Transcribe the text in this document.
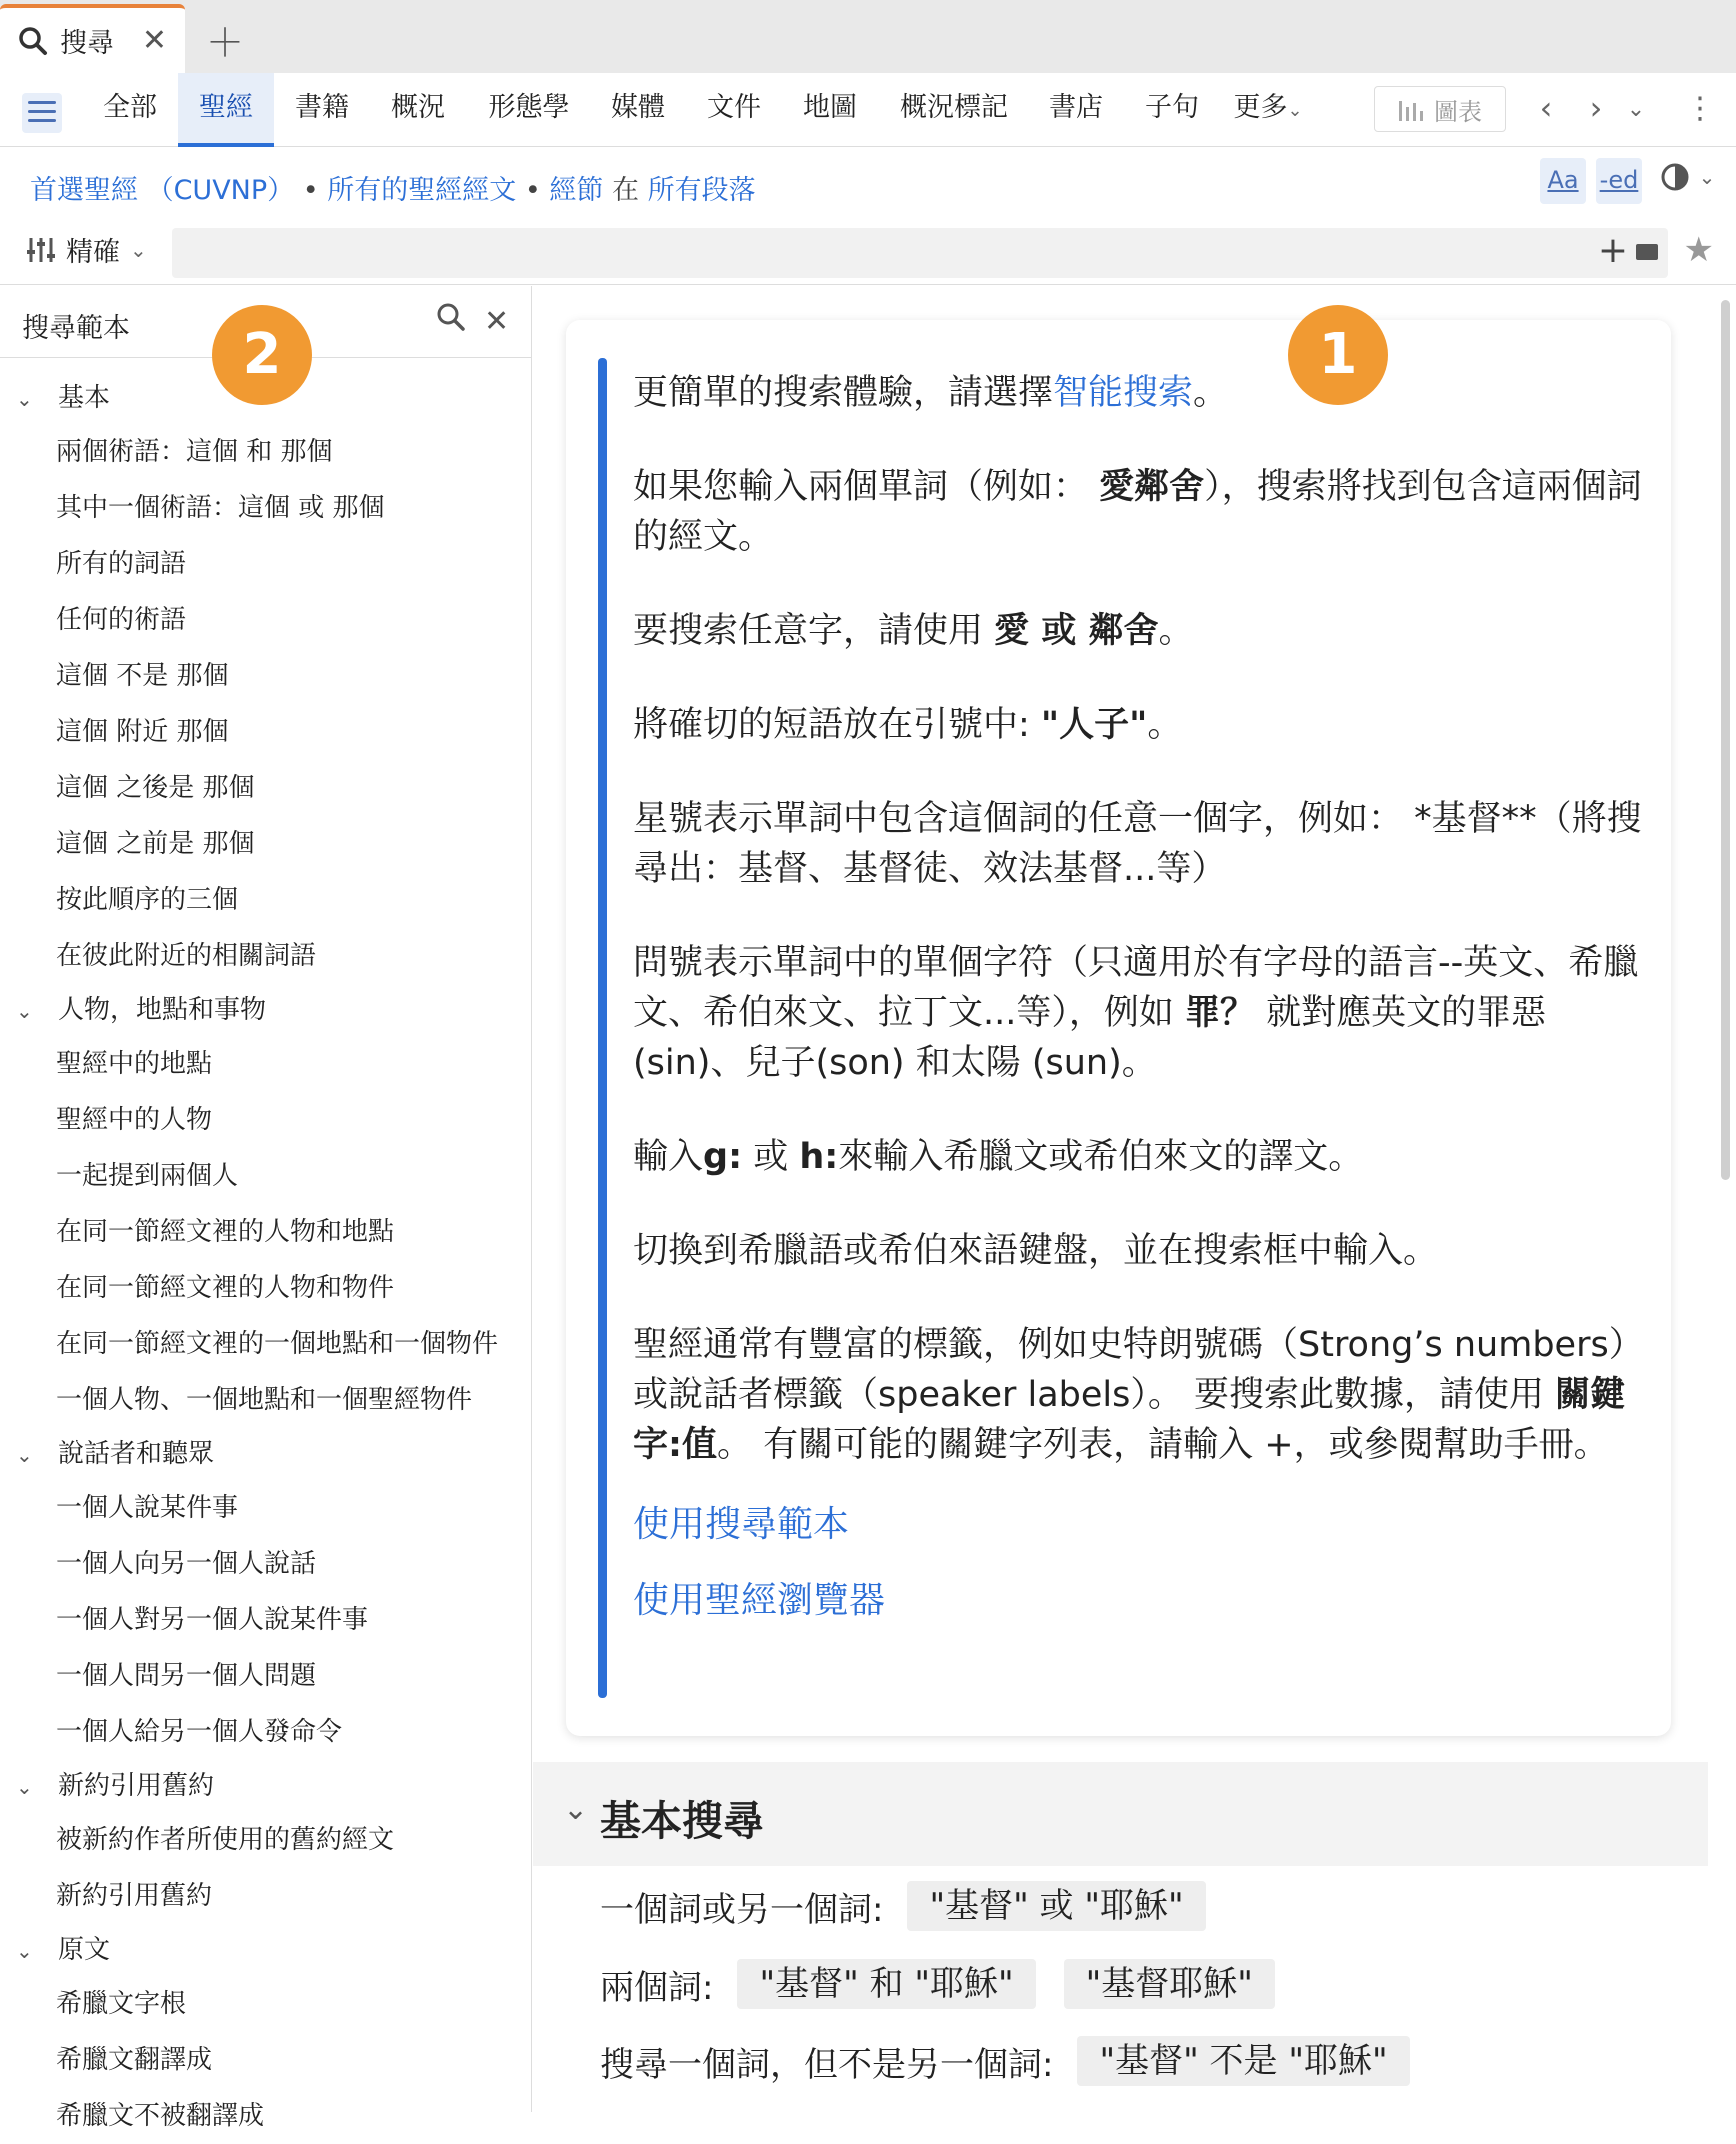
搜尋 ✕ ＋
全部	聖經	書籍	概況	形態學	媒體	文件	地圖	概況標記	書店	子句	更多⌄	圖表	‹	›	⌄ ⋮
首選聖經 （CUVNP） • 所有的聖經經文 • 經節 在 所有段落	Aa -ed	⌄
精確 ⌄	+ ★
搜尋範本	✕
⌄ 基本
兩個術語：這個 和 那個
其中一個術語：這個 或 那個
所有的詞語
任何的術語
這個 不是 那個
這個 附近 那個
這個 之後是 那個
這個 之前是 那個
按此順序的三個
在彼此附近的相關詞語
⌄ 人物，地點和事物
聖經中的地點
聖經中的人物
一起提到兩個人
在同一節經文裡的人物和地點
在同一節經文裡的人物和物件
在同一節經文裡的一個地點和一個物件
一個人物、一個地點和一個聖經物件
⌄ 說話者和聽眾
一個人說某件事
一個人向另一個人說話
一個人對另一個人說某件事
一個人問另一個人問題
一個人給另一個人發命令
⌄ 新約引用舊約
被新約作者所使用的舊約經文
新約引用舊約
⌄ 原文
希臘文字根
希臘文翻譯成
希臘文不被翻譯成

更簡單的搜索體驗，請選擇智能搜索。

如果您輸入兩個單詞（例如： 愛鄰舍），搜索將找到包含這兩個詞的經文。

要搜索任意字，請使用 愛 或 鄰舍。

將確切的短語放在引號中: "人子"。

星號表示單詞中包含這個詞的任意一個字，例如： *基督**（將搜尋出：基督、基督徒、效法基督...等）

問號表示單詞中的單個字符（只適用於有字母的語言--英文、希臘文、希伯來文、拉丁文...等），例如 罪？ 就對應英文的罪惡(sin)、兒子(son) 和太陽 (sun)。

輸入g: 或 h:來輸入希臘文或希伯來文的譯文。

切換到希臘語或希伯來語鍵盤，並在搜索框中輸入。

聖經通常有豐富的標籤，例如史特朗號碼（Strong’s numbers）或說話者標籤（speaker labels）。 要搜索此數據，請使用 關鍵字:值。 有關可能的關鍵字列表，請輸入 +，或參閱幫助手冊。

使用搜尋範本
使用聖經瀏覽器
⌄ 基本搜尋
一個詞或另一個詞:	"基督" 或 "耶穌"
兩個詞:	"基督" 和 "耶穌"	"基督耶穌"
搜尋一個詞，但不是另一個詞:	"基督" 不是 "耶穌"
1
2
